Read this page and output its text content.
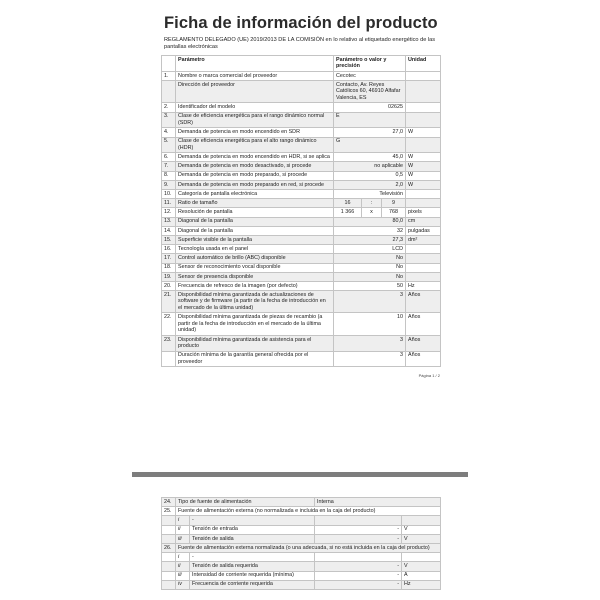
Ficha de información del producto
REGLAMENTO DELEGADO (UE) 2019/2013 DE LA COMISIÓN en lo relativo al etiquetado energético de las pantallas electrónicas
	Parámetro	Parámetro o valor y precisión			Unidad
1.	Nombre o marca comercial del proveedor	Cecotec			
	Dirección del proveedor	Contacto, Av. Reyes Católicos 60, 46910 Alfafar Valencia, ES			
2.	Identificador del modelo	02625			
3.	Clase de eficiencia energética para el rango dinámico normal (SDR)	E			
4.	Demanda de potencia en modo encendido en SDR	27,0			W
5.	Clase de eficiencia energética para el alto rango dinámico (HDR)	G			
6.	Demanda de potencia en modo encendido en HDR, si se aplica	45,0			W
7.	Demanda de potencia en modo desactivado, si procede	no aplicable			W
8.	Demanda de potencia en modo preparado, si procede	0,5			W
9.	Demanda de potencia en modo preparado en red, si procede	2,0			W
10.	Categoría de pantalla electrónica	Televisión			
11.	Ratio de tamaño	16	:	9	
12.	Resolución de pantalla	1 366	x	768	pixels
13.	Diagonal de la pantalla	80,0			cm
14.	Diagonal de la pantalla	32			pulgadas
15.	Superficie visible de la pantalla	27,3			dm²
16.	Tecnología usada en el panel	LCD			
17.	Control automático de brillo (ABC) disponible	No			
18.	Sensor de reconocimiento vocal disponible	No			
19.	Sensor de presencia disponible	No			
20.	Frecuencia de refresco de la imagen (por defecto)	50			Hz
21.	Disponibilidad mínima garantizada de actualizaciones de software y de firmware (a partir de la fecha de introducción en el mercado de la última unidad)	3			Años
22.	Disponibilidad mínima garantizada de piezas de recambio (a partir de la fecha de introducción en el mercado de la última unidad)	10			Años
23.	Disponibilidad mínima garantizada de asistencia para el producto	3			Años
	Duración mínima de la garantía general ofrecida por el proveedor	3			Años
Página 1 / 2
24.	Tipo de fuente de alimentación		Interna	
25.	Fuente de alimentación externa (no normalizada e incluida en la caja del producto)			
	i	-		
	ii	Tensión de entrada	-	V
	iii	Tensión de salida	-	V
26.	Fuente de alimentación externa normalizada (o una adecuada, si no está incluida en la caja del producto)			
	i	-		
	ii	Tensión de salida requerida	-	V
	iii	Intensidad de corriente requerida (mínima)	-	A
	iv	Frecuencia de corriente requerida	-	Hz
